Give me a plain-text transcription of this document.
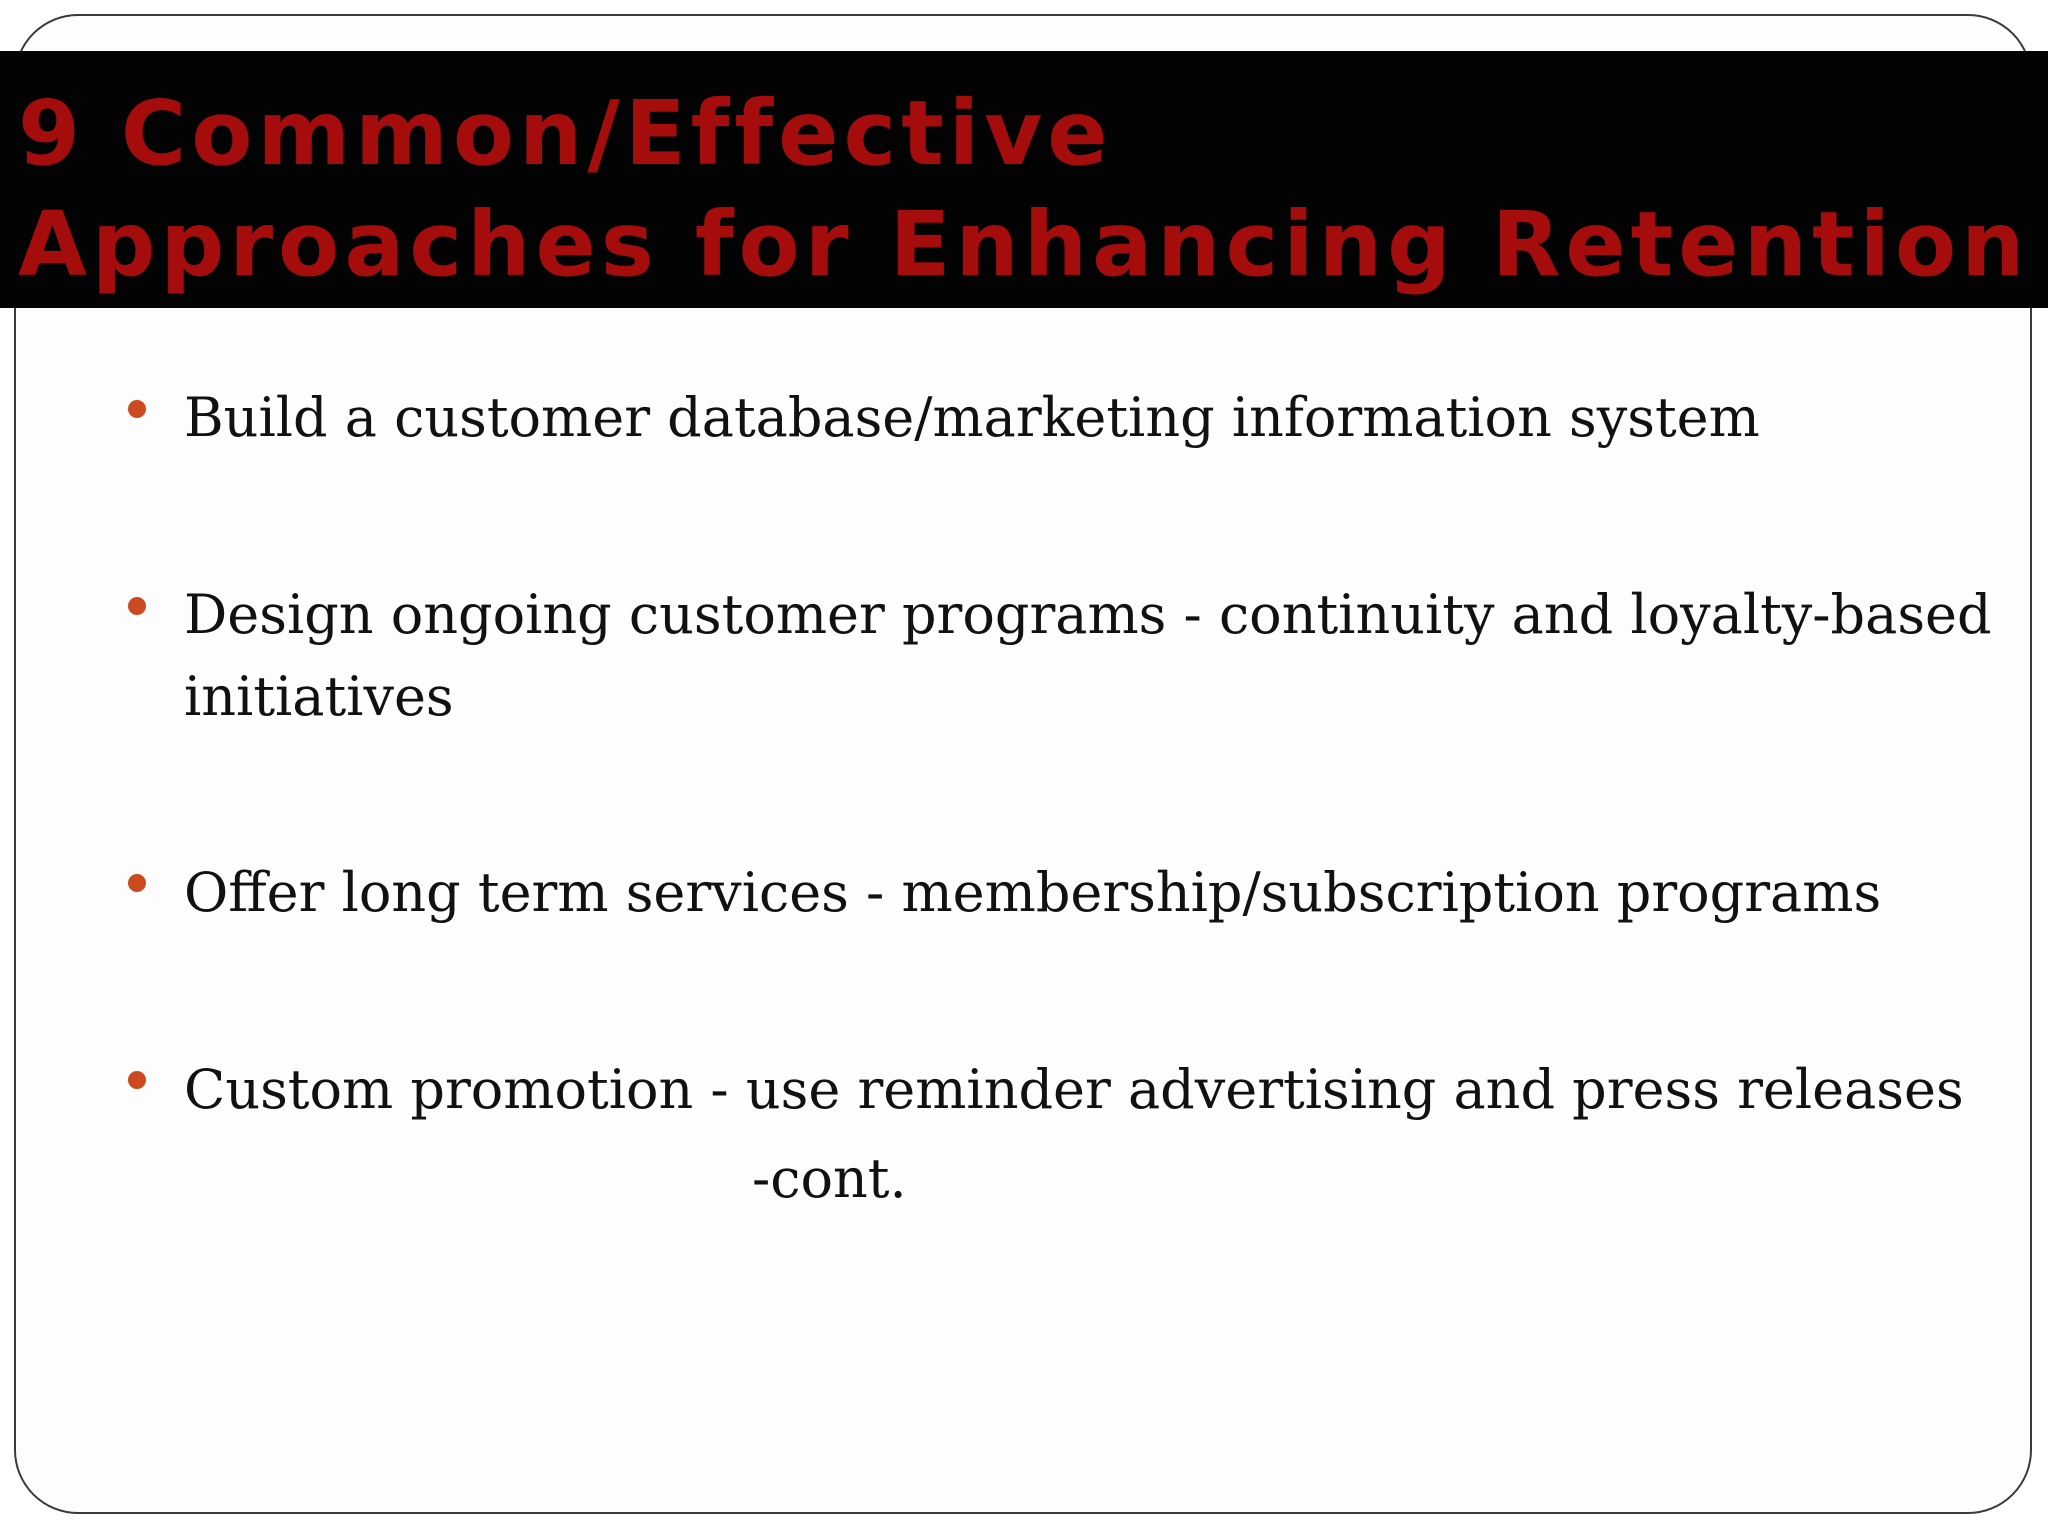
9 Common/Effective
Approaches for Enhancing Retention

Build a customer database/marketing information system

Design ongoing customer programs - continuity and loyalty-based

initiatives

Offer long term services - membership/subscription programs

Custom promotion - use reminder advertising and press releases

-cont.
